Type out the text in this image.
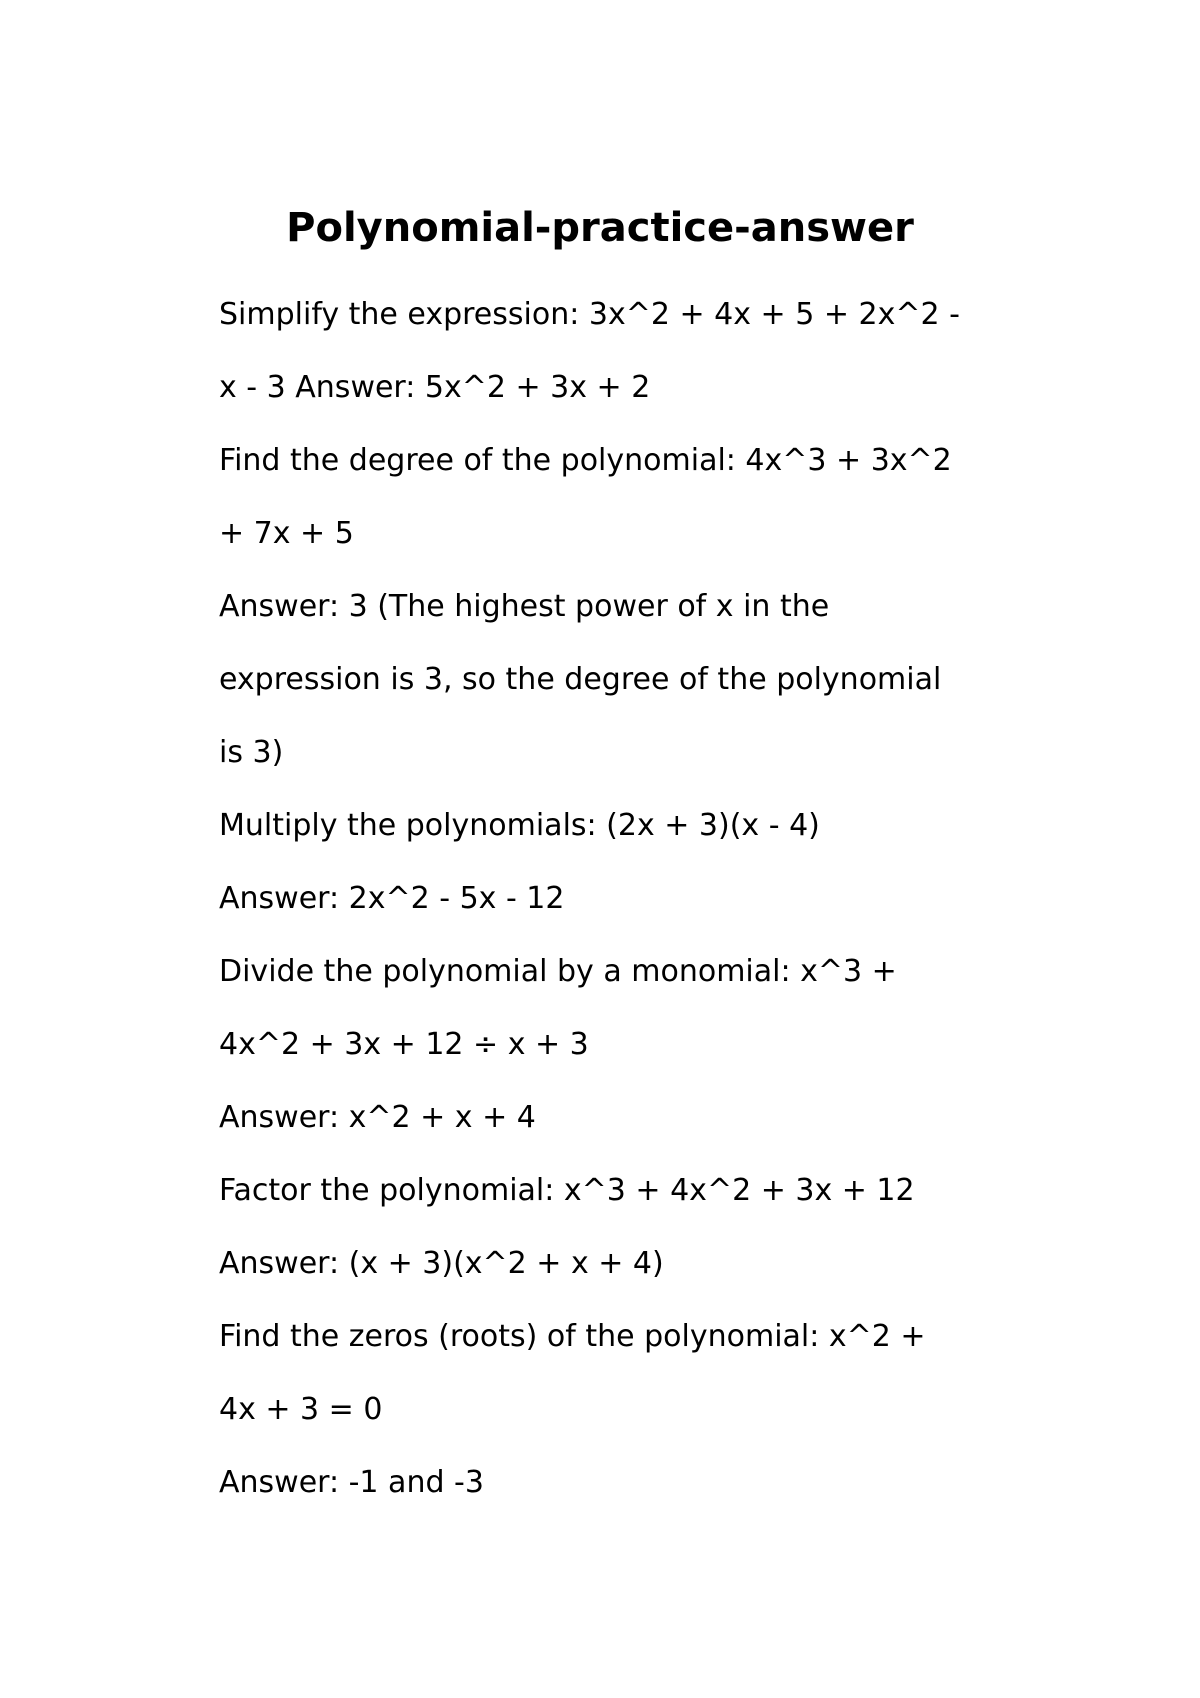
Polynomial-practice-answer
Simplify the expression: 3x^2 + 4x + 5 + 2x^2 -
x - 3 Answer: 5x^2 + 3x + 2
Find the degree of the polynomial: 4x^3 + 3x^2
+ 7x + 5
Answer: 3 (The highest power of x in the
expression is 3, so the degree of the polynomial
is 3)
Multiply the polynomials: (2x + 3)(x - 4)
Answer: 2x^2 - 5x - 12
Divide the polynomial by a monomial: x^3 +
4x^2 + 3x + 12 ÷ x + 3
Answer: x^2 + x + 4
Factor the polynomial: x^3 + 4x^2 + 3x + 12
Answer: (x + 3)(x^2 + x + 4)
Find the zeros (roots) of the polynomial: x^2 +
4x + 3 = 0
Answer: -1 and -3
